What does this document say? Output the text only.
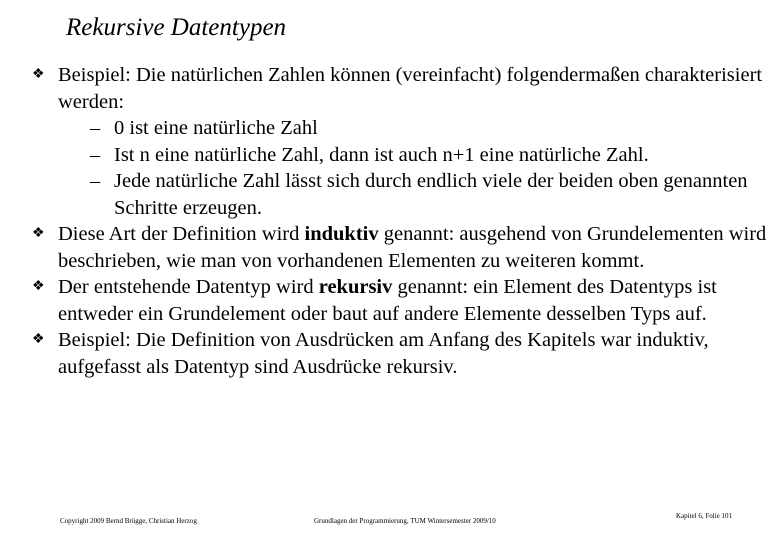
Rekursive Datentypen
❖ Beispiel: Die natürlichen Zahlen können (vereinfacht) folgendermaßen charakterisiert werden:
– 0 ist eine natürliche Zahl
– Ist n eine natürliche Zahl, dann ist auch n+1 eine natürliche Zahl.
– Jede natürliche Zahl lässt sich durch endlich viele der beiden oben genannten Schritte erzeugen.
❖ Diese Art der Definition wird induktiv genannt: ausgehend von Grundelementen wird beschrieben, wie man von vorhandenen Elementen zu weiteren kommt.
❖ Der entstehende Datentyp wird rekursiv genannt: ein Element des Datentyps ist entweder ein Grundelement oder baut auf andere Elemente desselben Typs auf.
❖ Beispiel: Die Definition von Ausdrücken am Anfang des Kapitels war induktiv, aufgefasst als Datentyp sind Ausdrücke rekursiv.
Copyright 2009 Bernd Brügge, Christian Herzog	Grundlagen der Programmierung, TUM Wintersemester 2009/10
Kapitel 6, Folie 101
